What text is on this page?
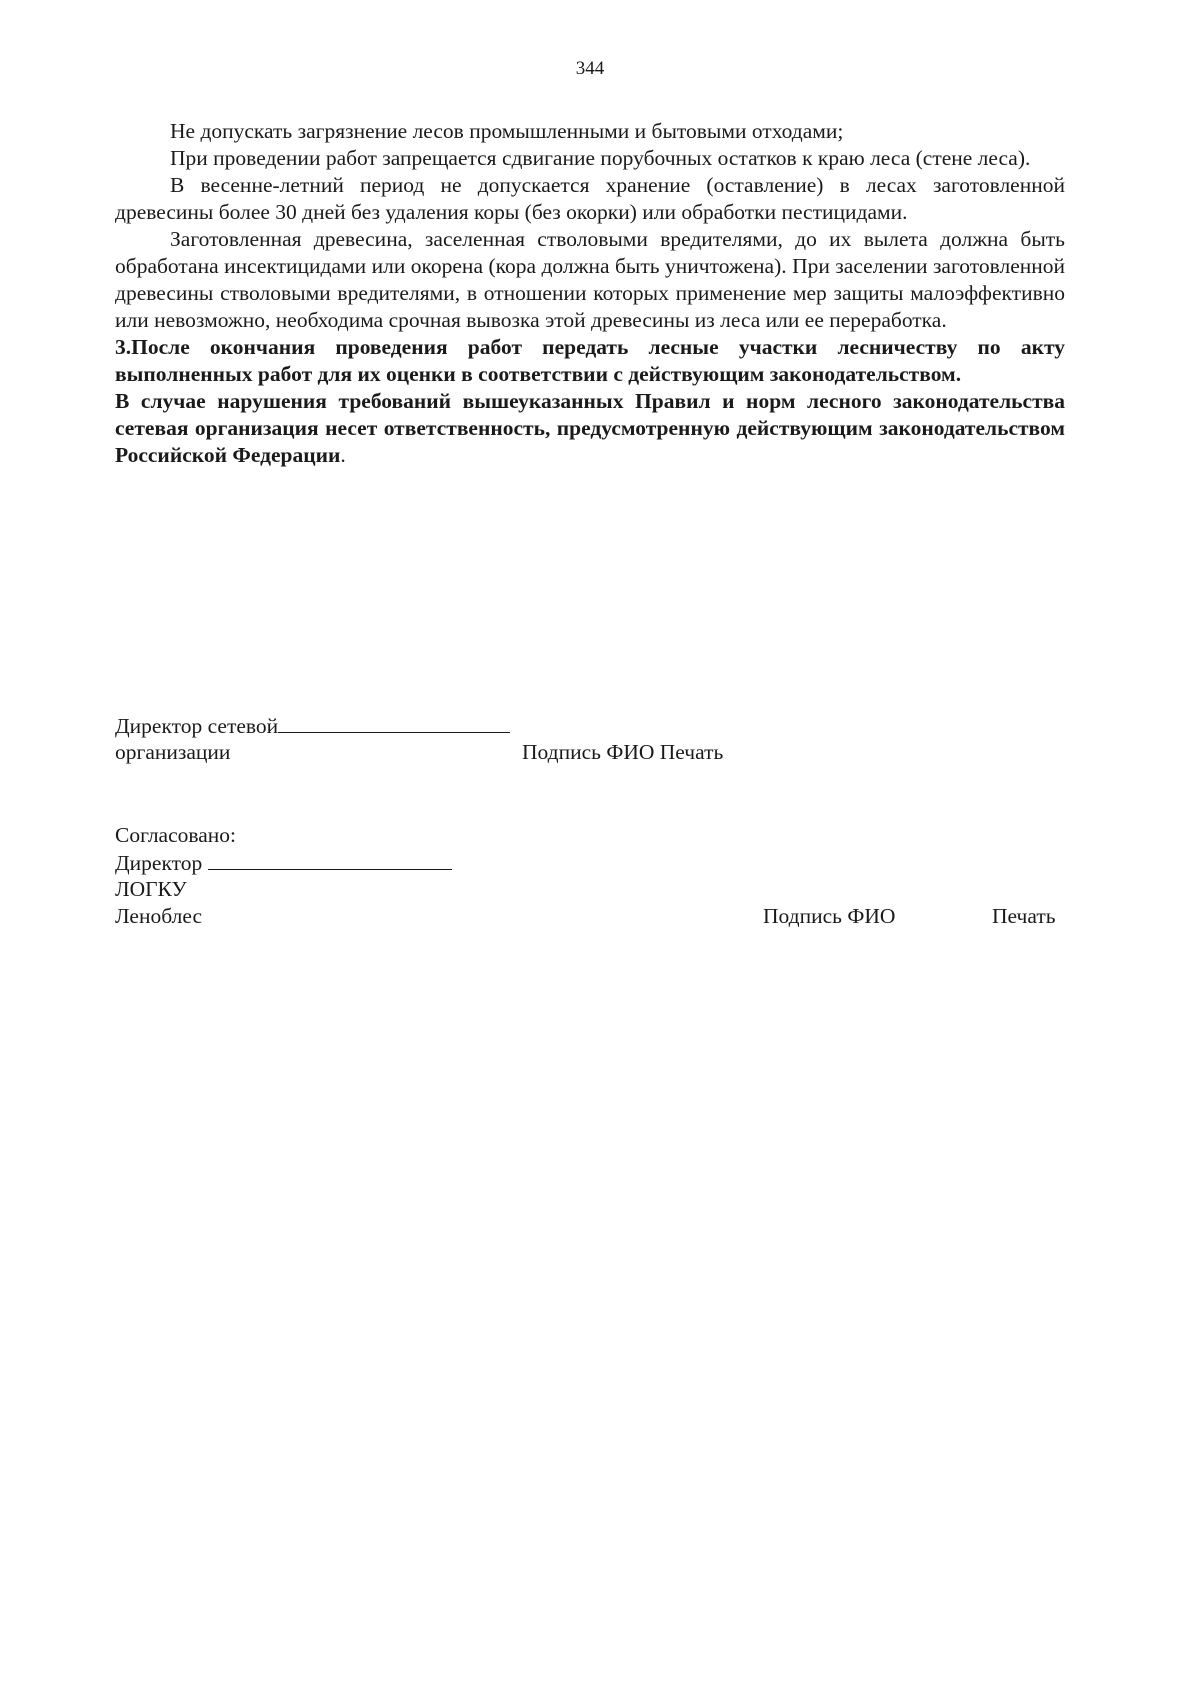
344

Не допускать загрязнение лесов промышленными и бытовыми отходами;

При проведении работ запрещается сдвигание порубочных остатков к краю леса (стене леса).

В весенне-летний период не допускается хранение (оставление) в лесах заготовленной древесины более 30 дней без удаления коры (без окорки) или обработки пестицидами.

Заготовленная древесина, заселенная стволовыми вредителями, до их вылета должна быть обработана инсектицидами или окорена (кора должна быть уничтожена). При заселении заготовленной древесины стволовыми вредителями, в отношении которых применение мер защиты малоэффективно или невозможно, необходима срочная вывозка этой древесины из леса или ее переработка.

3.После окончания проведения работ передать лесные участки лесничеству по акту выполненных работ для их оценки в соответствии с действующим законодательством.

В случае нарушения требований вышеуказанных Правил и норм лесного законодательства сетевая организация несет ответственность, предусмотренную действующим законодательством Российской Федерации.

Директор сетевой
организации	Подпись ФИО Печать
Согласовано:
Директор
ЛОГКУ
Леноблес	Подпись ФИО	Печать
